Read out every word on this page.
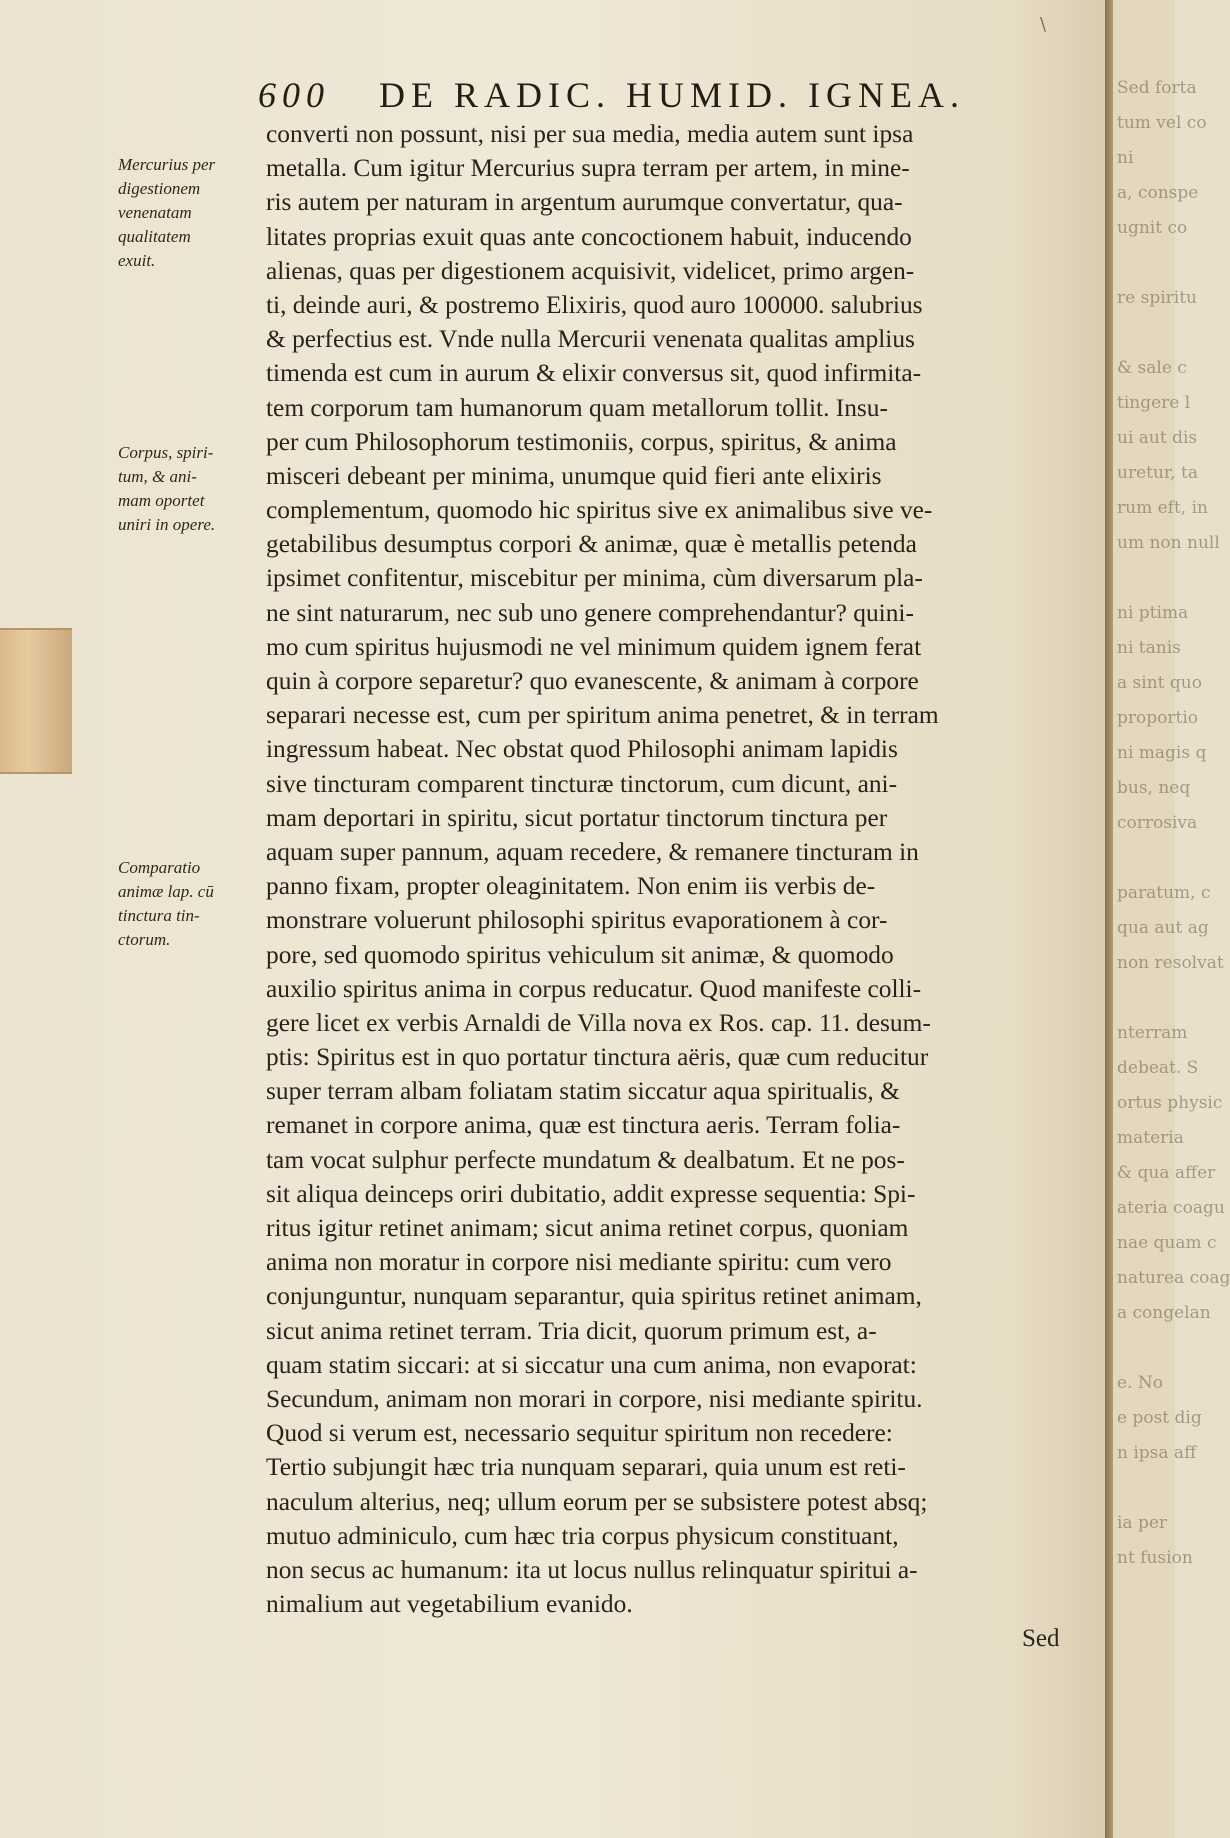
\
600 DE RADIC. HUMID. IGNEA.
Mercurius per
digestionem
venenatam
qualitatem
exuit.
Corpus, spiri-
tum, & ani-
mam oportet
uniri in opere.
Comparatio
animæ lap. cū
tinctura tin-
ctorum.
converti non possunt, nisi per sua media, media autem sunt ipsa
metalla. Cum igitur Mercurius supra terram per artem, in mine-
ris autem per naturam in argentum aurumque convertatur, qua-
litates proprias exuit quas ante concoctionem habuit, inducendo
alienas, quas per digestionem acquisivit, videlicet, primo argen-
ti, deinde auri, & postremo Elixiris, quod auro 100000. salubrius
& perfectius est. Vnde nulla Mercurii venenata qualitas amplius
timenda est cum in aurum & elixir conversus sit, quod infirmita-
tem corporum tam humanorum quam metallorum tollit. Insu-
per cum Philosophorum testimoniis, corpus, spiritus, & anima
misceri debeant per minima, unumque quid fieri ante elixiris
complementum, quomodo hic spiritus sive ex animalibus sive ve-
getabilibus desumptus corpori & animæ, quæ è metallis petenda
ipsimet confitentur, miscebitur per minima, cùm diversarum pla-
ne sint naturarum, nec sub uno genere comprehendantur? quini-
mo cum spiritus hujusmodi ne vel minimum quidem ignem ferat
quin à corpore separetur? quo evanescente, & animam à corpore
separari necesse est, cum per spiritum anima penetret, & in terram
ingressum habeat. Nec obstat quod Philosophi animam lapidis
sive tincturam comparent tincturæ tinctorum, cum dicunt, ani-
mam deportari in spiritu, sicut portatur tinctorum tinctura per
aquam super pannum, aquam recedere, & remanere tincturam in
panno fixam, propter oleaginitatem. Non enim iis verbis de-
monstrare voluerunt philosophi spiritus evaporationem à cor-
pore, sed quomodo spiritus vehiculum sit animæ, & quomodo
auxilio spiritus anima in corpus reducatur. Quod manifeste colli-
gere licet ex verbis Arnaldi de Villa nova ex Ros. cap. 11. desum-
ptis: Spiritus est in quo portatur tinctura aëris, quæ cum reducitur
super terram albam foliatam statim siccatur aqua spiritualis, &
remanet in corpore anima, quæ est tinctura aeris. Terram folia-
tam vocat sulphur perfecte mundatum & dealbatum. Et ne pos-
sit aliqua deinceps oriri dubitatio, addit expresse sequentia: Spi-
ritus igitur retinet animam; sicut anima retinet corpus, quoniam
anima non moratur in corpore nisi mediante spiritu: cum vero
conjunguntur, nunquam separantur, quia spiritus retinet animam,
sicut anima retinet terram. Tria dicit, quorum primum est, a-
quam statim siccari: at si siccatur una cum anima, non evaporat:
Secundum, animam non morari in corpore, nisi mediante spiritu.
Quod si verum est, necessario sequitur spiritum non recedere:
Tertio subjungit hæc tria nunquam separari, quia unum est reti-
naculum alterius, neq; ullum eorum per se subsistere potest absq;
mutuo adminiculo, cum hæc tria corpus physicum constituant,
non secus ac humanum: ita ut locus nullus relinquatur spiritui a-
nimalium aut vegetabilium evanido.
Sed
Sed forta
tum vel co
ni
a, conspe
ugnit co
re spiritu
& sale c
tingere l
ui aut dis
uretur, ta
rum eft, in
um non null
ni ptima
ni tanis
a sint quo
proportio
ni magis q
bus, neq
corrosiva
paratum, c
qua aut ag
non resolvat
nterram
debeat. S
ortus physic
materia
& qua affer
ateria coagu
nae quam c
naturea coag
a congelan
e. No
e post dig
n ipsa aff
ia per
nt fusion
